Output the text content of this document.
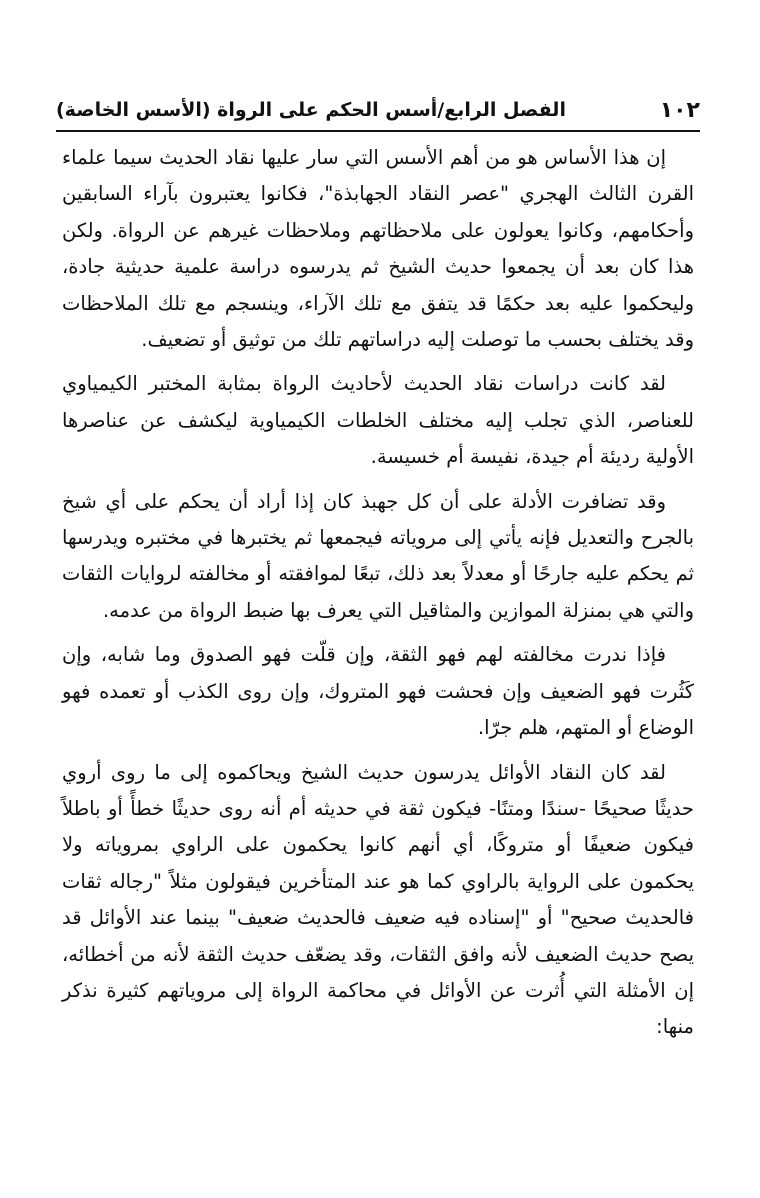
١٠٢
الفصل الرابع/أسس الحكم على الرواة (الأسس الخاصة)

إن هذا الأساس هو من أهم الأسس التي سار عليها نقاد الحديث سيما علماء القرن الثالث الهجري "عصر النقاد الجهابذة"، فكانوا يعتبرون بآراء السابقين وأحكامهم، وكانوا يعولون على ملاحظاتهم وملاحظات غيرهم عن الرواة. ولكن هذا كان بعد أن يجمعوا حديث الشيخ ثم يدرسوه دراسة علمية حديثية جادة، وليحكموا عليه بعد حكمًا قد يتفق مع تلك الآراء، وينسجم مع تلك الملاحظات وقد يختلف بحسب ما توصلت إليه دراساتهم تلك من توثيق أو تضعيف.

لقد كانت دراسات نقاد الحديث لأحاديث الرواة بمثابة المختبر الكيمياوي للعناصر، الذي تجلب إليه مختلف الخلطات الكيمياوية ليكشف عن عناصرها الأولية رديئة أم جيدة، نفيسة أم خسيسة.

وقد تضافرت الأدلة على أن كل جهبذ كان إذا أراد أن يحكم على أي شيخ بالجرح والتعديل فإنه يأتي إلى مروياته فيجمعها ثم يختبرها في مختبره ويدرسها ثم يحكم عليه جارحًا أو معدلاً بعد ذلك، تبعًا لموافقته أو مخالفته لروايات الثقات والتي هي بمنزلة الموازين والمثاقيل التي يعرف بها ضبط الرواة من عدمه.

فإذا ندرت مخالفته لهم فهو الثقة، وإن قلّت فهو الصدوق وما شابه، وإن كَثُرت فهو الضعيف وإن فحشت فهو المتروك، وإن روى الكذب أو تعمده فهو الوضاع أو المتهم، هلم جرّا.

لقد كان النقاد الأوائل يدرسون حديث الشيخ ويحاكموه إلى ما روى أروي حديثًا صحيحًا -سندًا ومتنًا- فيكون ثقة في حديثه أم أنه روى حديثًا خطأً أو باطلاً فيكون ضعيفًا أو متروكًا، أي أنهم كانوا يحكمون على الراوي بمروياته ولا يحكمون على الرواية بالراوي كما هو عند المتأخرين فيقولون مثلاً "رجاله ثقات فالحديث صحيح" أو "إسناده فيه ضعيف فالحديث ضعيف" بينما عند الأوائل قد يصح حديث الضعيف لأنه وافق الثقات، وقد يضعّف حديث الثقة لأنه من أخطائه، إن الأمثلة التي أُثرت عن الأوائل في محاكمة الرواة إلى مروياتهم كثيرة نذكر منها:
